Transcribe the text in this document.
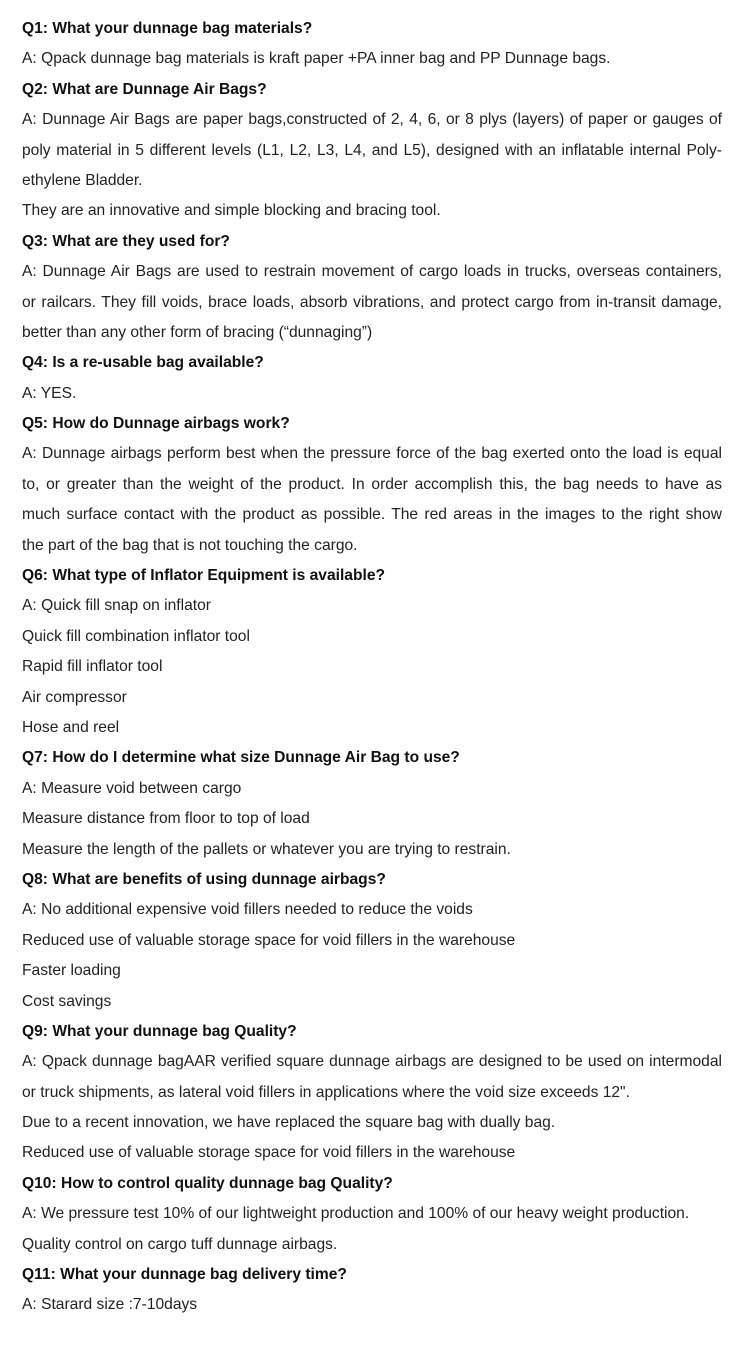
Q1: What your dunnage bag materials?
A: Qpack dunnage bag materials is kraft paper +PA inner bag and PP Dunnage bags.
Q2: What are Dunnage Air Bags?
A: Dunnage Air Bags are paper bags,constructed of 2, 4, 6, or 8 plys (layers) of paper or gauges of
poly material in 5 different levels (L1, L2, L3, L4, and L5), designed with an inflatable internal Poly-
ethylene Bladder.
They are an innovative and simple blocking and bracing tool.
Q3: What are they used for?
A: Dunnage Air Bags are used to restrain movement of cargo loads in trucks, overseas containers,
or railcars. They fill voids, brace loads, absorb vibrations, and protect cargo from in-transit damage,
better than any other form of bracing (“dunnaging”)
Q4: Is a re-usable bag available?
A: YES.
Q5: How do Dunnage airbags work?
A: Dunnage airbags perform best when the pressure force of the bag exerted onto the load is equal
to, or greater than the weight of the product. In order accomplish this, the bag needs to have as
much surface contact with the product as possible. The red areas in the images to the right show
the part of the bag that is not touching the cargo.
Q6: What type of Inflator Equipment is available?
A: Quick fill snap on inflator
Quick fill combination inflator tool
Rapid fill inflator tool
Air compressor
Hose and reel
Q7: How do I determine what size Dunnage Air Bag to use?
A: Measure void between cargo
Measure distance from floor to top of load
Measure the length of the pallets or whatever you are trying to restrain.
Q8: What are benefits of using dunnage airbags?
A: No additional expensive void fillers needed to reduce the voids
Reduced use of valuable storage space for void fillers in the warehouse
Faster loading
Cost savings
Q9: What your dunnage bag Quality?
A: Qpack dunnage bagAAR verified square dunnage airbags are designed to be used on intermodal
or truck shipments, as lateral void fillers in applications where the void size exceeds 12".
Due to a recent innovation, we have replaced the square bag with dually bag.
Reduced use of valuable storage space for void fillers in the warehouse
Q10: How to control quality dunnage bag Quality?
A: We pressure test 10% of our lightweight production and 100% of our heavy weight production.
Quality control on cargo tuff dunnage airbags.
Q11: What your dunnage bag delivery time?
A: Starard size :7-10days
